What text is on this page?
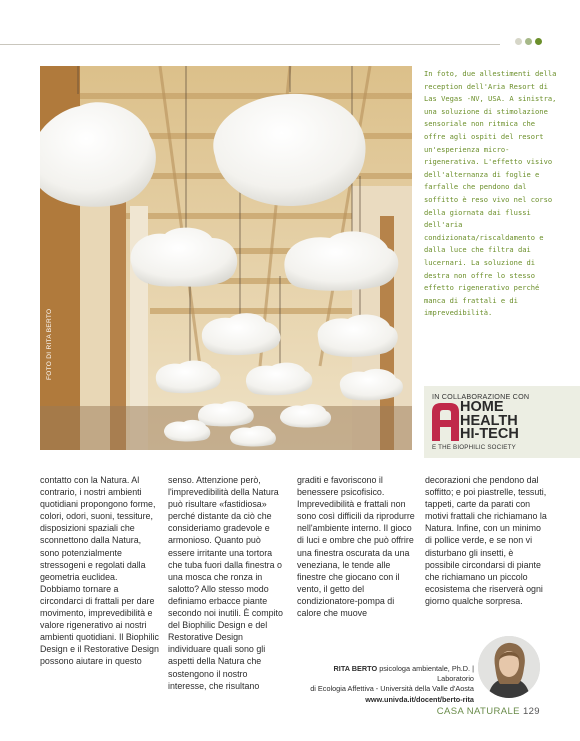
FOTO DI RITA BERTO
In foto, due allestimenti della reception dell'Aria Resort di Las Vegas -NV, USA. A sinistra, una soluzione di stimolazione sensoriale non ritmica che offre agli ospiti del resort un'esperienza micro-rigenerativa. L'effetto visivo dell'alternanza di foglie e farfalle che pendono dal soffitto è reso vivo nel corso della giornata dai flussi dell'aria condizionata/riscaldamento e dalla luce che filtra dai lucernari. La soluzione di destra non offre lo stesso effetto rigenerativo perché manca di frattali e di imprevedibilità.
IN COLLABORAZIONE CON
HOME
HEALTH
HI-TECH
E THE BIOPHILIC SOCIETY
contatto con la Natura. Al contrario, i nostri ambienti quotidiani propongono forme, colori, odori, suoni, tessiture, disposizioni spaziali che sconnettono dalla Natura, sono potenzialmente stressogeni e regolati dalla geometria euclidea. Dobbiamo tornare a circondarci di frattali per dare movimento, imprevedibilità e valore rigenerativo ai nostri ambienti quotidiani. Il Biophilic Design e il Restorative Design possono aiutare in questo
senso. Attenzione però, l'imprevedibilità della Natura può risultare «fastidiosa» perché distante da ciò che consideriamo gradevole e armonioso. Quanto può essere irritante una tortora che tuba fuori dalla finestra o una mosca che ronza in salotto? Allo stesso modo definiamo erbacce piante secondo noi inutili. È compito del Biophilic Design e del Restorative Design individuare quali sono gli aspetti della Natura che sostengono il nostro interesse, che risultano
graditi e favoriscono il benessere psicofisico. Imprevedibilità e frattali non sono così difficili da riprodurre nell'ambiente interno. Il gioco di luci e ombre che può offrire una finestra oscurata da una veneziana, le tende alle finestre che giocano con il vento, il getto del condizionatore-pompa di calore che muove
decorazioni che pendono dal soffitto; e poi piastrelle, tessuti, tappeti, carte da parati con motivi frattali che richiamano la Natura. Infine, con un minimo di pollice verde, e se non vi disturbano gli insetti, è possibile circondarsi di piante che richiamano un piccolo ecosistema che riserverà ogni giorno qualche sorpresa.
RITA BERTO psicologa ambientale, Ph.D. | Laboratorio
di Ecologia Affettiva - Università della Valle d'Aosta
www.univda.it/docent/berto-rita
CASA NATURALE 129
